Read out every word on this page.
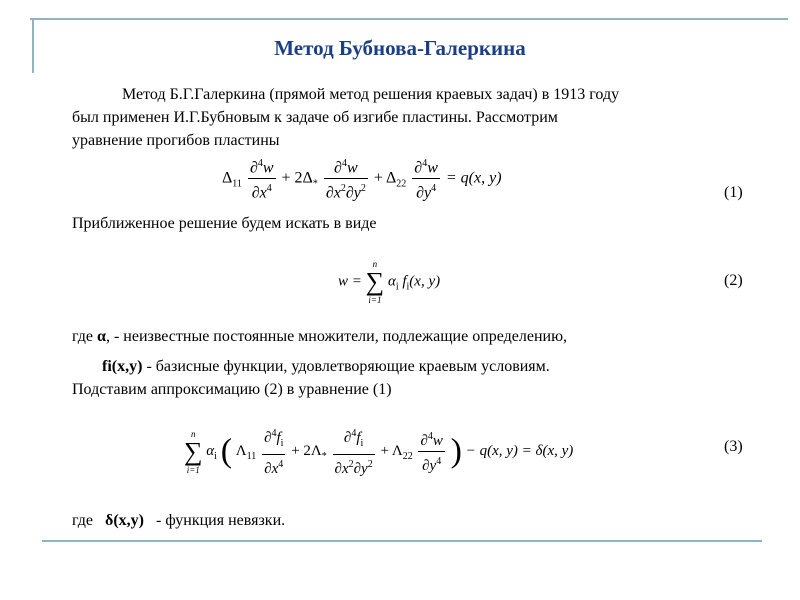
Метод Бубнова-Галеркина
Метод Б.Г.Галеркина (прямой метод решения краевых задач) в 1913 году
был применен И.Г.Бубновым к задаче об изгибе пластины. Рассмотрим
уравнение прогибов пластины
$\Delta_{11} \frac{\partial^4w}{\partial x^4} + 2\Delta_* \frac{\partial^4w}{\partial x^2\partial y^2} + \Delta_{22} \frac{\partial^4w}{\partial y^4} = q(x$, y)
(1)
Приближенное решение будем искать в виде
w =
n
∑
i=1
$\alpha_i$ $f_i(x$, y)	(2)
где α, - неизвестные постоянные множители, подлежащие определению,
fi(x,y) - базисные функции, удовлетворяющие краевым условиям.
Подставим аппроксимацию (2) в уравнение (1)
n
∑
i=1
$\alpha_i$ ( $\Lambda_{11} \frac{\partial^4f_i}{\partial x^4} + 2\Lambda_* \frac{\partial^4f_i}{\partial x^2\partial y^2} + \Lambda_{22} \frac{\partial^4w}{\partial y^4}$ ) − q(x, y) = δ(x, y)	(3)
где   δ(x,y)   - функция невязки.
